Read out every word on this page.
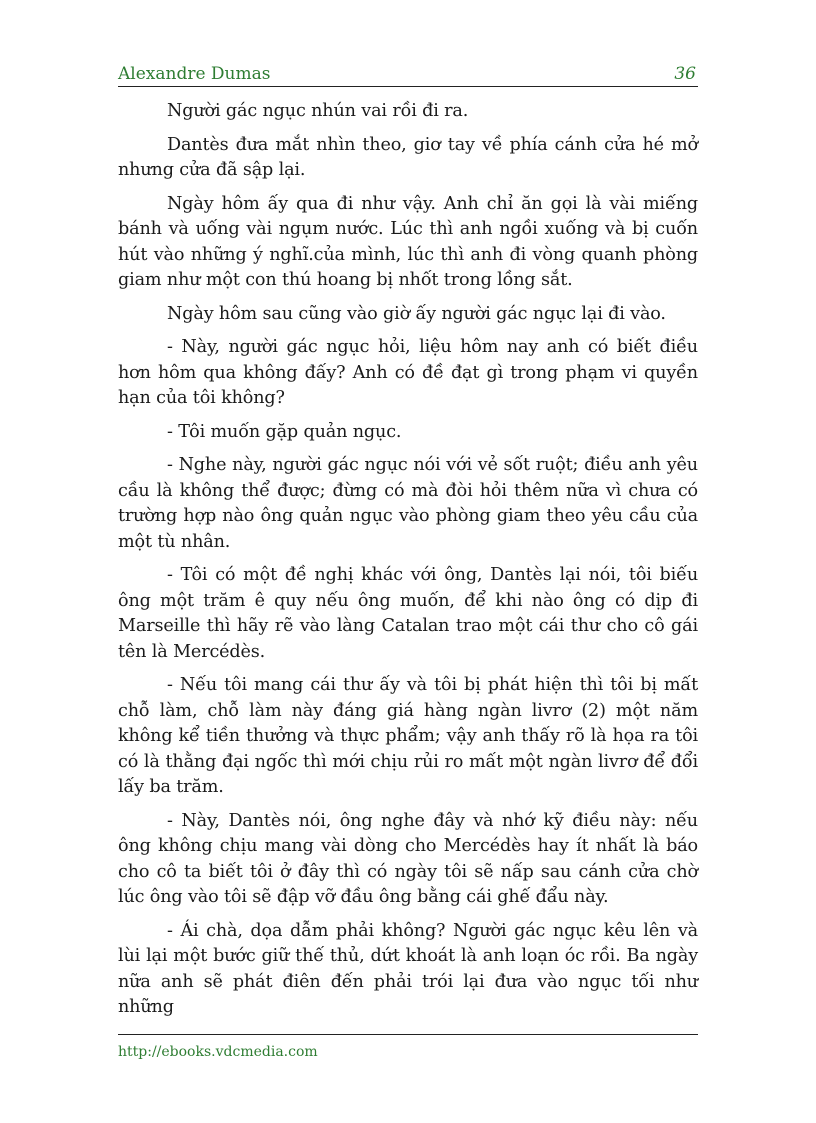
Alexandre Dumas	36

Người gác ngục nhún vai rồi đi ra.

Dantès đưa mắt nhìn theo, giơ tay về phía cánh cửa hé mở nhưng cửa đã sập lại.

Ngày hôm ấy qua đi như vậy. Anh chỉ ăn gọi là vài miếng bánh và uống vài ngụm nước. Lúc thì anh ngồi xuống và bị cuốn hút vào những ý nghĩ.của mình, lúc thì anh đi vòng quanh phòng giam như một con thú hoang bị nhốt trong lồng sắt.

Ngày hôm sau cũng vào giờ ấy người gác ngục lại đi vào.

- Này, người gác ngục hỏi, liệu hôm nay anh có biết điều hơn hôm qua không đấy? Anh có đề đạt gì trong phạm vi quyền hạn của tôi không?

- Tôi muốn gặp quản ngục.

- Nghe này, người gác ngục nói với vẻ sốt ruột; điều anh yêu cầu là không thể được; đừng có mà đòi hỏi thêm nữa vì chưa có trường hợp nào ông quản ngục vào phòng giam theo yêu cầu của một tù nhân.

- Tôi có một đề nghị khác với ông, Dantès lại nói, tôi biếu ông một trăm ê quy nếu ông muốn, để khi nào ông có dịp đi Marseille thì hãy rẽ vào làng Catalan trao một cái thư cho cô gái tên là Mercédès.

- Nếu tôi mang cái thư ấy và tôi bị phát hiện thì tôi bị mất chỗ làm, chỗ làm này đáng giá hàng ngàn livrơ (2) một năm không kể tiền thưởng và thực phẩm; vậy anh thấy rõ là họa ra tôi có là thằng đại ngốc thì mới chịu rủi ro mất một ngàn livrơ để đổi lấy ba trăm.

- Này, Dantès nói, ông nghe đây và nhớ kỹ điều này: nếu ông không chịu mang vài dòng cho Mercédès hay ít nhất là báo cho cô ta biết tôi ở đây thì có ngày tôi sẽ nấp sau cánh cửa chờ lúc ông vào tôi sẽ đập vỡ đầu ông bằng cái ghế đẩu này.

- Ái chà, dọa dẫm phải không? Người gác ngục kêu lên và lùi lại một bước giữ thế thủ, dứt khoát là anh loạn óc rồi. Ba ngày nữa anh sẽ phát điên đến phải trói lại đưa vào ngục tối như những

http://ebooks.vdcmedia.com
